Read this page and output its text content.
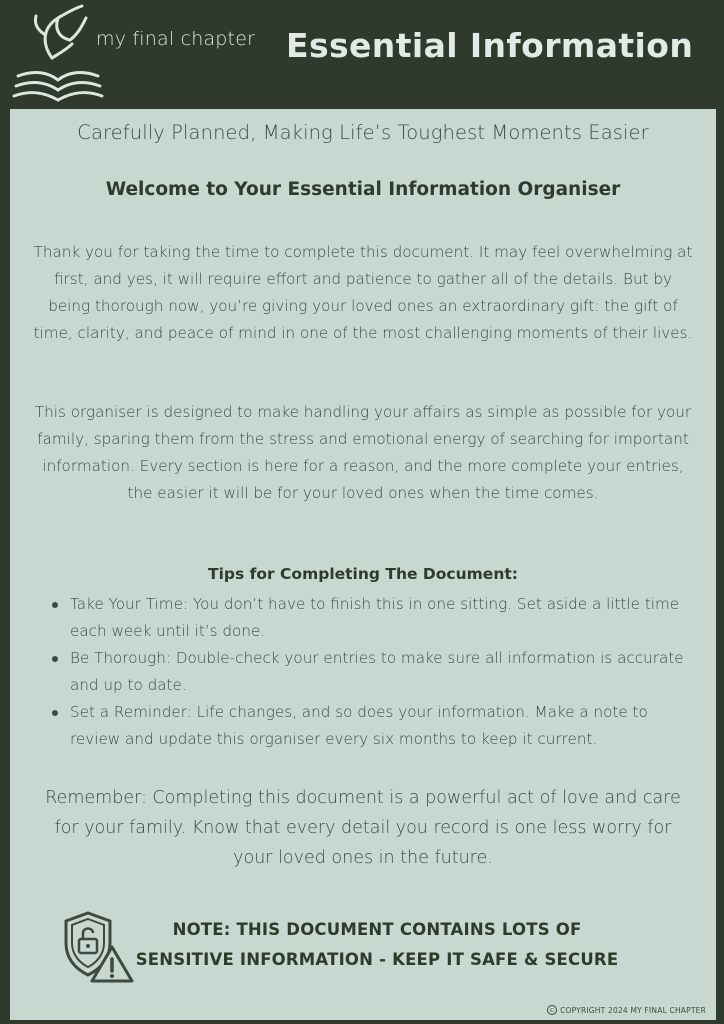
my final chapter Essential Information
Carefully Planned, Making Life’s Toughest Moments Easier
Welcome to Your Essential Information Organiser

Thank you for taking the time to complete this document. It may feel overwhelming at first, and yes, it will require effort and patience to gather all of the details. But by being thorough now, you’re giving your loved ones an extraordinary gift: the gift of time, clarity, and peace of mind in one of the most challenging moments of their lives.

This organiser is designed to make handling your affairs as simple as possible for your family, sparing them from the stress and emotional energy of searching for important information. Every section is here for a reason, and the more complete your entries, the easier it will be for your loved ones when the time comes.

Tips for Completing The Document:
Take Your Time: You don’t have to finish this in one sitting. Set aside a little time each week until it’s done.
Be Thorough: Double-check your entries to make sure all information is accurate and up to date.
Set a Reminder: Life changes, and so does your information. Make a note to review and update this organiser every six months to keep it current.
Remember: Completing this document is a powerful act of love and care for your family. Know that every detail you record is one less worry for your loved ones in the future.
NOTE: THIS DOCUMENT CONTAINS LOTS OF SENSITIVE INFORMATION - KEEP IT SAFE & SECURE
c COPYRIGHT 2024 MY FINAL CHAPTER
